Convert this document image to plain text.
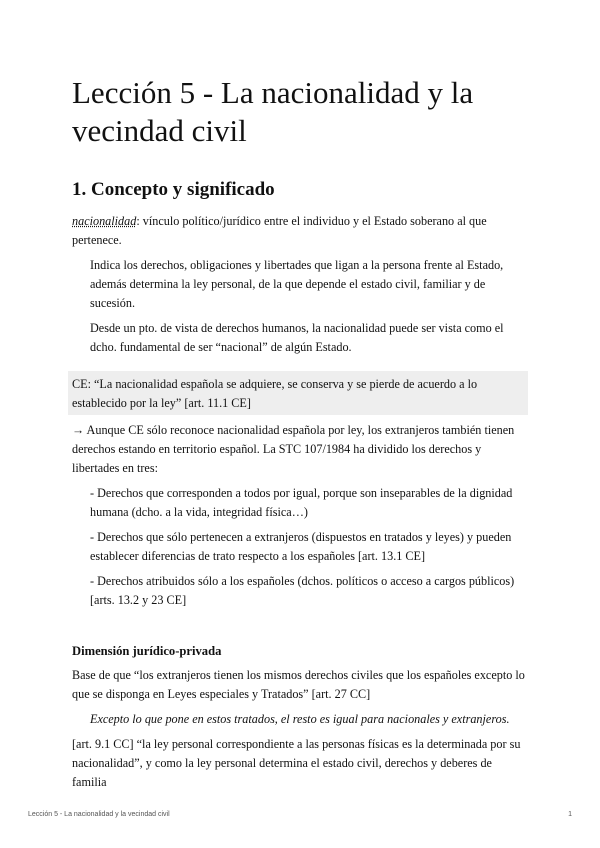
Lección 5 - La nacionalidad y la vecindad civil
1. Concepto y significado

nacionalidad: vínculo político/jurídico entre el individuo y el Estado soberano al que pertenece.

Indica los derechos, obligaciones y libertades que ligan a la persona frente al Estado, además determina la ley personal, de la que depende el estado civil, familiar y de sucesión.

Desde un pto. de vista de derechos humanos, la nacionalidad puede ser vista como el dcho. fundamental de ser “nacional” de algún Estado.

CE: “La nacionalidad española se adquiere, se conserva y se pierde de acuerdo a lo establecido por la ley” [art. 11.1 CE]

→ Aunque CE sólo reconoce nacionalidad española por ley, los extranjeros también tienen derechos estando en territorio español. La STC 107/1984 ha dividido los derechos y libertades en tres:

- Derechos que corresponden a todos por igual, porque son inseparables de la dignidad humana (dcho. a la vida, integridad física…)

- Derechos que sólo pertenecen a extranjeros (dispuestos en tratados y leyes) y pueden establecer diferencias de trato respecto a los españoles [art. 13.1 CE]

- Derechos atribuidos sólo a los españoles (dchos. políticos o acceso a cargos públicos) [arts. 13.2 y 23 CE]

Dimensión jurídico-privada

Base de que “los extranjeros tienen los mismos derechos civiles que los españoles excepto lo que se disponga en Leyes especiales y Tratados” [art. 27 CC]

Excepto lo que pone en estos tratados, el resto es igual para nacionales y extranjeros.

[art. 9.1 CC] “la ley personal correspondiente a las personas físicas es la determinada por su nacionalidad”, y como la ley personal determina el estado civil, derechos y deberes de familia

Lección 5 - La nacionalidad y la vecindad civil	1
